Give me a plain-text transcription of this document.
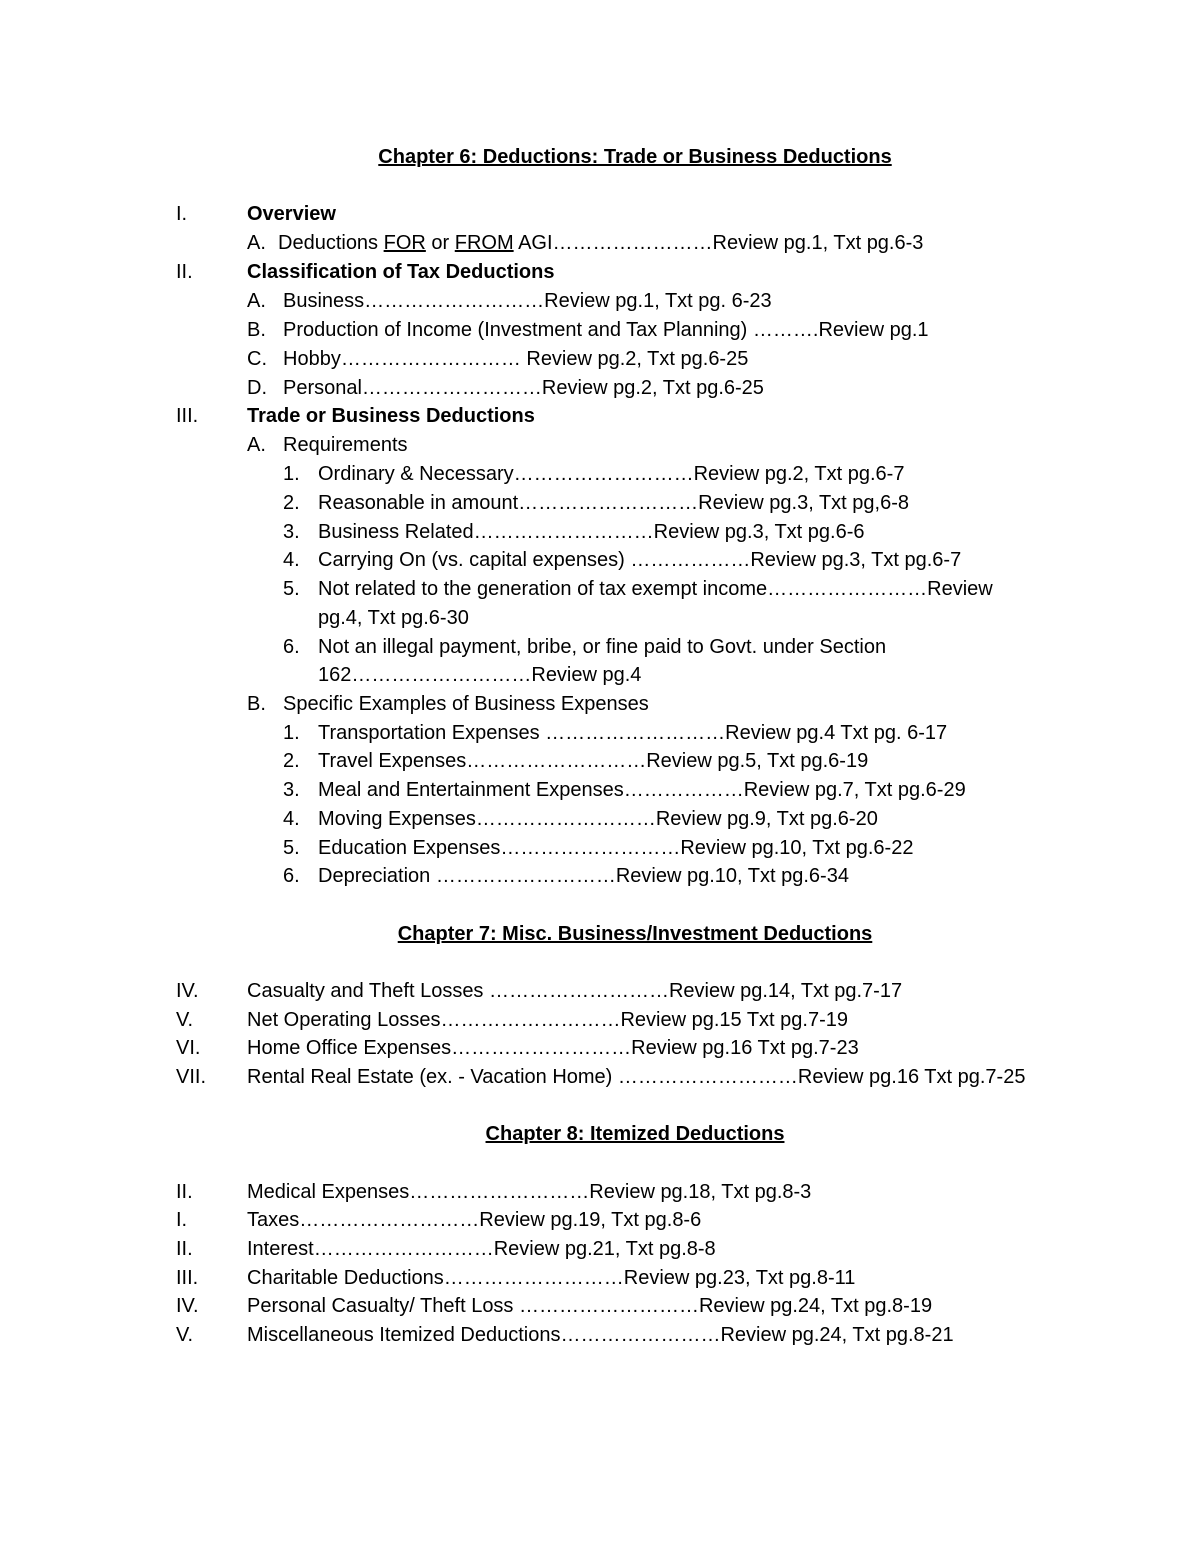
Chapter 6: Deductions: Trade or Business Deductions
I.	Overview
A. Deductions FOR or FROM AGI……………………Review pg.1, Txt pg.6-3
II.	Classification of Tax Deductions
A. Business………………………Review pg.1, Txt pg. 6-23
B. Production of Income (Investment and Tax Planning) ……….Review pg.1
C. Hobby……………………… Review pg.2, Txt pg.6-25
D. Personal………………………Review pg.2, Txt pg.6-25
III. Trade or Business Deductions
A. Requirements
1. Ordinary & Necessary………………………Review pg.2, Txt pg.6-7
2. Reasonable in amount………………………Review pg.3, Txt pg,6-8
3. Business Related………………………Review pg.3, Txt pg.6-6
4. Carrying On (vs. capital expenses) ………………Review pg.3, Txt pg.6-7
5. Not related to the generation of tax exempt income……………………Review
pg.4, Txt pg.6-30
6. Not an illegal payment, bribe, or fine paid to Govt. under Section
162………………………Review pg.4
B. Specific Examples of Business Expenses
1. Transportation Expenses ………………………Review pg.4 Txt pg. 6-17
2. Travel Expenses………………………Review pg.5, Txt pg.6-19
3. Meal and Entertainment Expenses………………Review pg.7, Txt pg.6-29
4. Moving Expenses………………………Review pg.9, Txt pg.6-20
5. Education Expenses………………………Review pg.10, Txt pg.6-22
6. Depreciation ………………………Review pg.10, Txt pg.6-34
Chapter 7: Misc. Business/Investment Deductions
IV. Casualty and Theft Losses ………………………Review pg.14, Txt pg.7-17
V.	Net Operating Losses………………………Review pg.15 Txt pg.7-19
VI. Home Office Expenses………………………Review pg.16 Txt pg.7-23
VII. Rental Real Estate (ex. - Vacation Home) ………………………Review pg.16 Txt pg.7-25
Chapter 8: Itemized Deductions
II.	Medical Expenses………………………Review pg.18, Txt pg.8-3
I.	Taxes………………………Review pg.19, Txt pg.8-6
II.	Interest………………………Review pg.21, Txt pg.8-8
III. Charitable Deductions………………………Review pg.23, Txt pg.8-11
IV. Personal Casualty/ Theft Loss ………………………Review pg.24, Txt pg.8-19
V.	Miscellaneous Itemized Deductions……………………Review pg.24, Txt pg.8-21
